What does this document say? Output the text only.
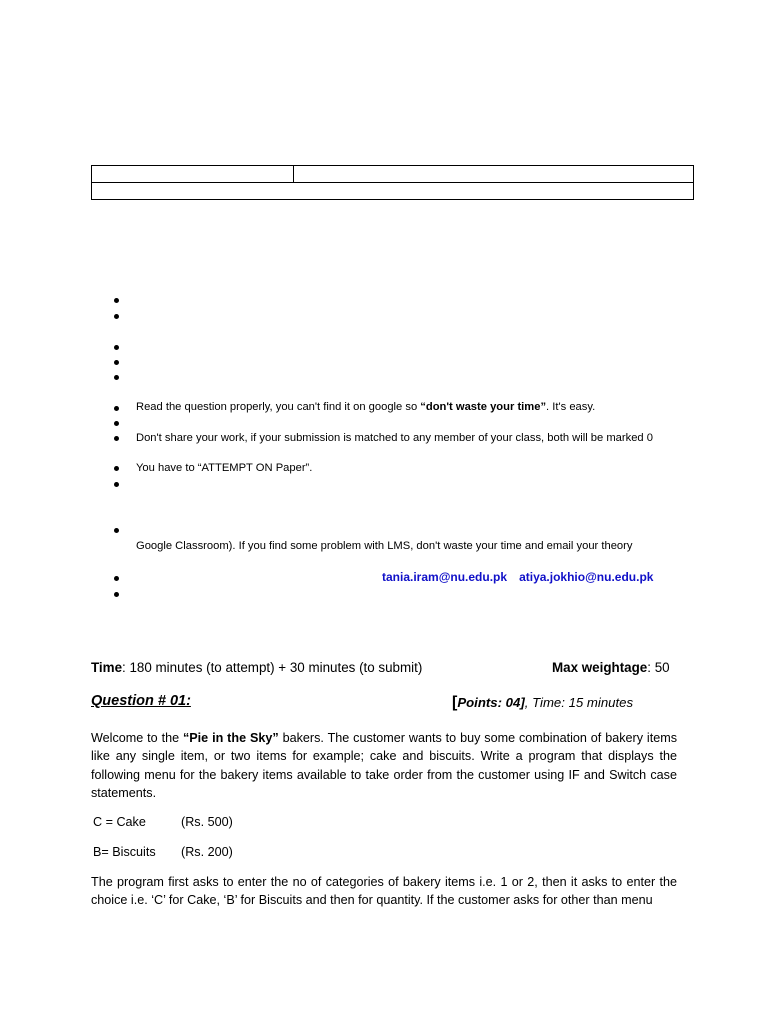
Read the question properly, you can't find it on google so “don't waste your time”. It's easy.
Don't share your work, if your submission is matched to any member of your class, both will be marked 0
You have to “ATTEMPT ON Paper”.
Google Classroom). If you find some problem with LMS, don't waste your time and email your theory
tania.iram@nu.edu.pk atiya.jokhio@nu.edu.pk
Time: 180 minutes (to attempt) + 30 minutes (to submit)	Max weightage: 50
Question # 01:	[Points: 04], Time: 15 minutes
Welcome to the “Pie in the Sky” bakers. The customer wants to buy some combination of bakery items like any single item, or two items for example; cake and biscuits. Write a program that displays the following menu for the bakery items available to take order from the customer using IF and Switch case statements.
C = Cake	(Rs. 500)
B= Biscuits (Rs. 200)
The program first asks to enter the no of categories of bakery items i.e. 1 or 2, then it asks to enter the choice i.e. ‘C’ for Cake, ‘B’ for Biscuits and then for quantity. If the customer asks for other than menu
